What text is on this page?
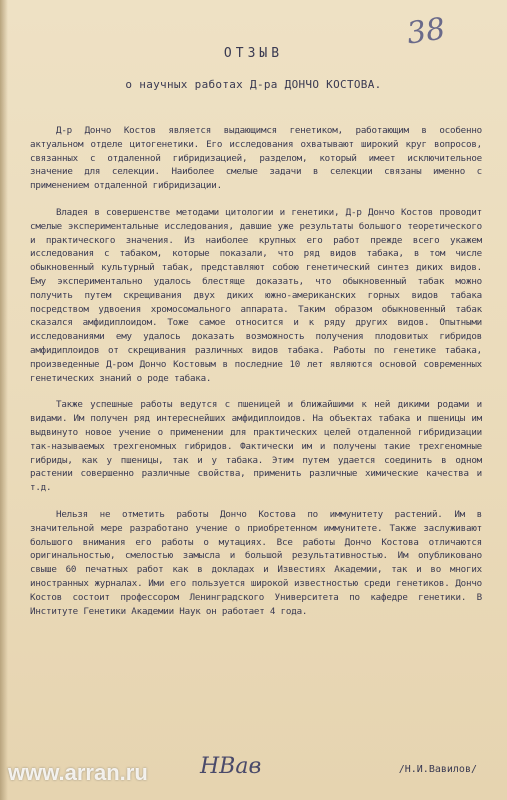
38
ОТЗЫВ
о научных работах Д-ра ДОНЧО КОСТОВА.

Д-р Дончо Костов является выдающимся генетиком, работающим в особенно актуальном отделе цитогенетики. Его исследования охватывают широкий круг вопросов, связанных с отдаленной гибридизацией, разделом, который имеет исключительное значение для селекции. Наиболее смелые задачи в селекции связаны именно с применением отдаленной гибридизации.

Владея в совершенстве методами цитологии и генетики, Д-р Дончо Костов проводит смелые экспериментальные исследования, давшие уже результаты большого теоретического и практического значения. Из наиболее крупных его работ прежде всего укажем исследования с табаком, которые показали, что ряд видов табака, в том числе обыкновенный культурный табак, представляют собою генетический синтез диких видов. Ему экспериментально удалось блестяще доказать, что обыкновенный табак можно получить путем скрещивания двух диких южно-американских горных видов табака посредством удвоения хромосомального аппарата. Таким образом обыкновенный табак сказался амфидиплоидом. Тоже самое относится и к ряду других видов. Опытными исследованиями ему удалось доказать возможность получения плодовитых гибридов амфидиплоидов от скрещивания различных видов табака. Работы по генетике табака, произведенные Д-ром Дончо Костовым в последние 10 лет являются основой современных генетических знаний о роде табака.

Также успешные работы ведутся с пшеницей и ближайшими к ней дикими родами и видами. Им получен ряд интереснейших амфидиплоидов. На объектах табака и пшеницы им выдвинуто новое учение о применении для практических целей отдаленной гибридизации так-называемых трехгеномных гибридов. Фактически им и получены такие трехгеномные гибриды, как у пшеницы, так и у табака. Этим путем удается соединить в одном растении совершенно различные свойства, применить различные химические качества и т.д.

Нельзя не отметить работы Дончо Костова по иммунитету растений. Им в значительной мере разработано учение о приобретенном иммунитете. Также заслуживают большого внимания его работы о мутациях. Все работы Дончо Костова отличаются оригинальностью, смелостью замысла и большой результативностью. Им опубликовано свыше 60 печатных работ как в докладах и Известиях Академии, так и во многих иностранных журналах. Ими его пользуется широкой известностью среди генетиков. Дончо Костов состоит профессором Ленинградского Университета по кафедре генетики. В Институте Генетики Академии Наук он работает 4 года.

www.arran.ru НВав	/Н.И.Вавилов/
